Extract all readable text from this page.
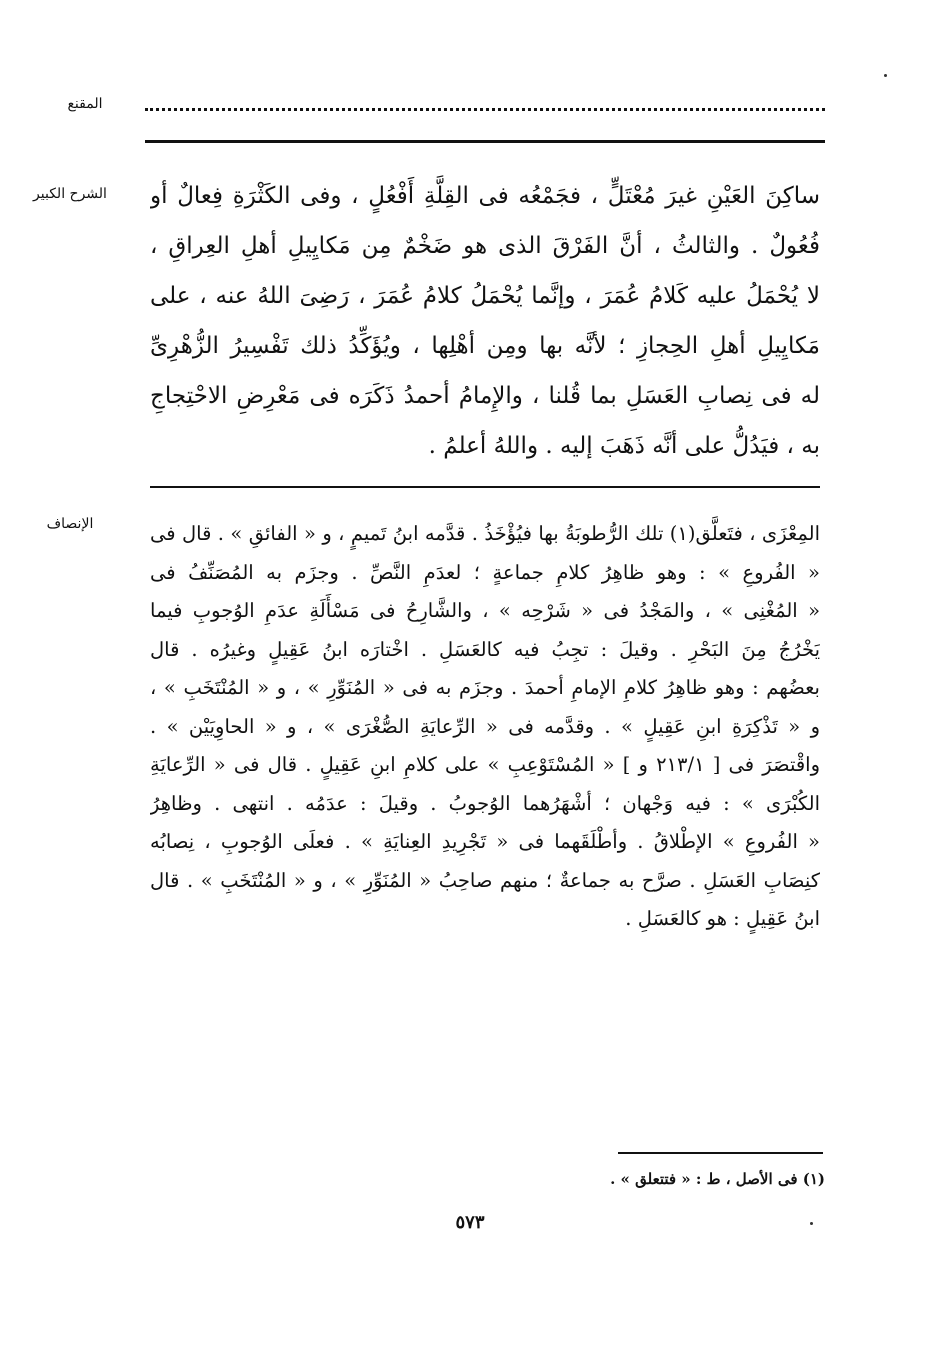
المقنع
الشرح الكبير	ساكِنَ العَيْنِ غيرَ مُعْتَلٍّ ، فجَمْعُه فى القِلَّةِ أَفْعُلٍ ، وفى الكَثْرَةِ فِعالٌ أو
فُعُولٌ . والثالثُ ، أنَّ الفَرْقَ الذى هو ضَخْمٌ مِن مَكايِيلِ أهلِ العِراقِ ،
لا يُحْمَلُ عليه كَلامُ عُمَرَ ، وإنَّما يُحْمَلُ كلامُ عُمَرَ ، رَضِىَ اللهُ عنه ، على
مَكايِيلِ أهلِ الحِجازِ ؛ لأنَّه بها ومِن أهْلِها ، ويُؤَكِّدُ ذلك تَفْسِيرُ الزُّهْرِىِّ
له فى نِصابِ العَسَلِ بما قُلنا ، والإِمامُ أحمدُ ذَكَرَه فى مَعْرِضِ الاحْتِجاجِ
به ، فيَدُلُّ على أنَّه ذَهَبَ إليه . واللهُ أعلمُ .
الإنصاف	المِعْزَى ، فتَعلَّق(١) تلك الرُّطوبَةُ بها فيُؤْخَذُ . قدَّمه ابنُ تَميمٍ ، و « الفائقِ » . قال فى
« الفُروعِ » : وهو ظاهِرُ كلامِ جماعةٍ ؛ لعدَمِ النَّصِّ . وجزَم به المُصَنِّفُ فى
« المُغْنِى » ، والمَجْدُ فى « شَرْحِه » ، والشَّارِحُ فى مَسْأَلَةِ عدَمِ الوُجوبِ فيما
يَخْرُجُ مِنَ البَحْرِ . وقيلَ : تجِبُ فيه كالعَسَلِ . اخْتارَه ابنُ عَقِيلٍ وغيرُه . قال
بعضُهم : وهو ظاهِرُ كلامِ الإمامِ أحمدَ . وجزَم به فى « المُنَوِّرِ » ، و « المُنْتَخَبِ » ،
و « تَذْكِرَةِ ابنِ عَقِيلٍ » . وقدَّمه فى « الرِّعايَةِ الصُّغْرَى » ، و « الحاوِيَيْن » .
واقْتصَرَ فى [ ٢١٣/١ و ] « المُسْتَوْعِبِ » على كلامِ ابنِ عَقِيلٍ . قال فى « الرِّعايَةِ
الكُبْرَى » : فيه وَجْهان ؛ أشْهَرُهما الوُجوبُ . وقيلَ : عدَمُه . انتهى . وظاهِرُ
« الفُروعِ » الإطْلاقُ . وأطْلَقَهما فى « تَجْرِيدِ العِنايَةِ » . فعلَى الوُجوبِ ، نِصابُه
كنِصَابِ العَسَلِ . صرَّح به جماعةٌ ؛ منهم صاحِبُ « المُنَوِّرِ » ، و « المُنْتَخَبِ » . قال
ابنُ عَقِيلٍ : هو كالعَسَلِ .
(١) فى الأصل ، ط : « فتتعلق » .
٥٧٣
